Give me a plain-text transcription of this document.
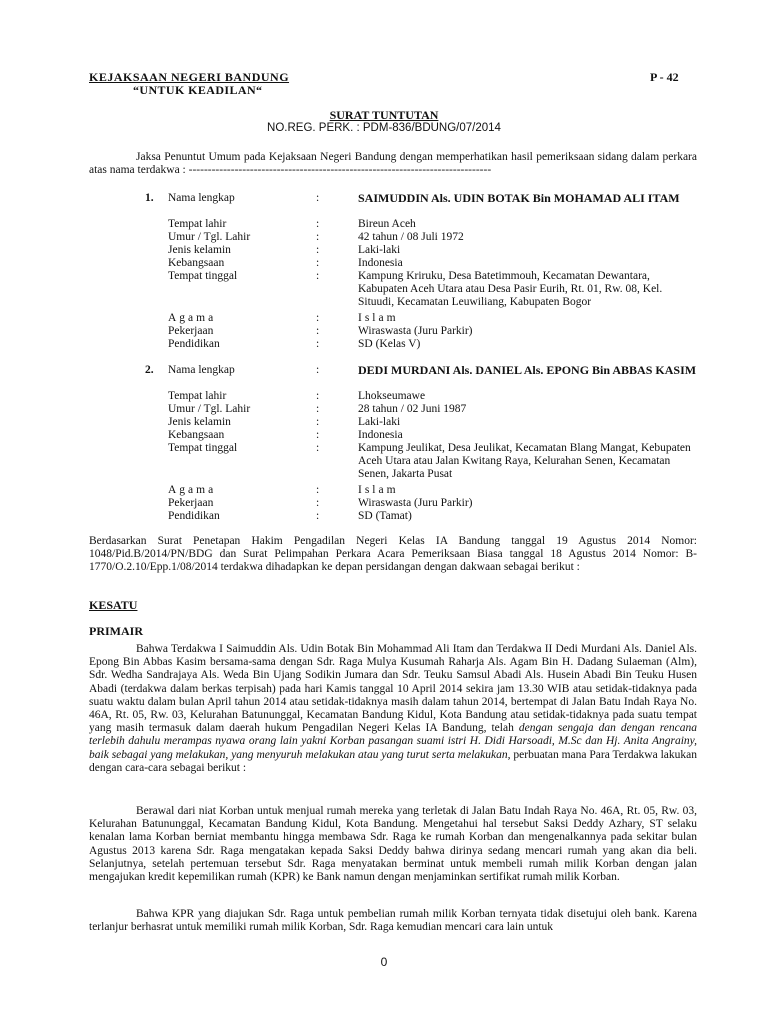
KEJAKSAAN NEGERI BANDUNG
“UNTUK KEADILAN“
P - 42
SURAT TUNTUTAN
NO.REG. PERK. : PDM-836/BDUNG/07/2014
Jaksa Penuntut Umum pada Kejaksaan Negeri Bandung dengan memperhatikan hasil pemeriksaan sidang dalam perkara atas nama terdakwa : -------------------------------------------------------------------------------
1. Nama lengkap	:	SAIMUDDIN Als. UDIN BOTAK Bin MOHAMAD ALI ITAM
Tempat lahir	:	Bireun Aceh
Umur / Tgl. Lahir	:	42 tahun / 08 Juli 1972
Jenis kelamin	:	Laki-laki
Kebangsaan	:	Indonesia
Tempat tinggal	:	Kampung Kriruku, Desa Batetimmouh, Kecamatan Dewantara, Kabupaten Aceh Utara atau Desa Pasir Eurih, Rt. 01, Rw. 08, Kel. Situudi, Kecamatan Leuwiliang, Kabupaten Bogor
Agama	:	Islam
Pekerjaan	:	Wiraswasta (Juru Parkir)
Pendidikan	:	SD (Kelas V)
2. Nama lengkap	:	DEDI MURDANI Als. DANIEL Als. EPONG Bin ABBAS KASIM
Tempat lahir	:	Lhokseumawe
Umur / Tgl. Lahir	:	28 tahun / 02 Juni 1987
Jenis kelamin	:	Laki-laki
Kebangsaan	:	Indonesia
Tempat tinggal	:	Kampung Jeulikat, Desa Jeulikat, Kecamatan Blang Mangat, Kebupaten Aceh Utara atau Jalan Kwitang Raya, Kelurahan Senen, Kecamatan Senen, Jakarta Pusat
Agama	:	Islam
Pekerjaan	:	Wiraswasta (Juru Parkir)
Pendidikan	:	SD (Tamat)
Berdasarkan Surat Penetapan Hakim Pengadilan Negeri Kelas IA Bandung tanggal 19 Agustus 2014 Nomor: 1048/Pid.B/2014/PN/BDG dan Surat Pelimpahan Perkara Acara Pemeriksaan Biasa tanggal 18 Agustus 2014 Nomor: B-1770/O.2.10/Epp.1/08/2014 terdakwa dihadapkan ke depan persidangan dengan dakwaan sebagai berikut :
KESATU
PRIMAIR
Bahwa Terdakwa I Saimuddin Als. Udin Botak Bin Mohammad Ali Itam dan Terdakwa II Dedi Murdani Als. Daniel Als. Epong Bin Abbas Kasim bersama-sama dengan Sdr. Raga Mulya Kusumah Raharja Als. Agam Bin H. Dadang Sulaeman (Alm), Sdr. Wedha Sandrajaya Als. Weda Bin Ujang Sodikin Jumara dan Sdr. Teuku Samsul Abadi Als. Husein Abadi Bin Teuku Husen Abadi (terdakwa dalam berkas terpisah) pada hari Kamis tanggal 10 April 2014 sekira jam 13.30 WIB atau setidak-tidaknya pada suatu waktu dalam bulan April tahun 2014 atau setidak-tidaknya masih dalam tahun 2014, bertempat di Jalan Batu Indah Raya No. 46A, Rt. 05, Rw. 03, Kelurahan Batununggal, Kecamatan Bandung Kidul, Kota Bandung atau setidak-tidaknya pada suatu tempat yang masih termasuk dalam daerah hukum Pengadilan Negeri Kelas IA Bandung, telah dengan sengaja dan dengan rencana terlebih dahulu merampas nyawa orang lain yakni Korban pasangan suami istri H. Didi Harsoadi, M.Sc dan Hj. Anita Angrainy, baik sebagai yang melakukan, yang menyuruh melakukan atau yang turut serta melakukan, perbuatan mana Para Terdakwa lakukan dengan cara-cara sebagai berikut :
Berawal dari niat Korban untuk menjual rumah mereka yang terletak di Jalan Batu Indah Raya No. 46A, Rt. 05, Rw. 03, Kelurahan Batununggal, Kecamatan Bandung Kidul, Kota Bandung. Mengetahui hal tersebut Saksi Deddy Azhary, ST selaku kenalan lama Korban berniat membantu hingga membawa Sdr. Raga ke rumah Korban dan mengenalkannya pada sekitar bulan Agustus 2013 karena Sdr. Raga mengatakan kepada Saksi Deddy bahwa dirinya sedang mencari rumah yang akan dia beli. Selanjutnya, setelah pertemuan tersebut Sdr. Raga menyatakan berminat untuk membeli rumah milik Korban dengan jalan mengajukan kredit kepemilikan rumah (KPR) ke Bank namun dengan menjaminkan sertifikat rumah milik Korban.
Bahwa KPR yang diajukan Sdr. Raga untuk pembelian rumah milik Korban ternyata tidak disetujui oleh bank. Karena terlanjur berhasrat untuk memiliki rumah milik Korban, Sdr. Raga kemudian mencari cara lain untuk
0
